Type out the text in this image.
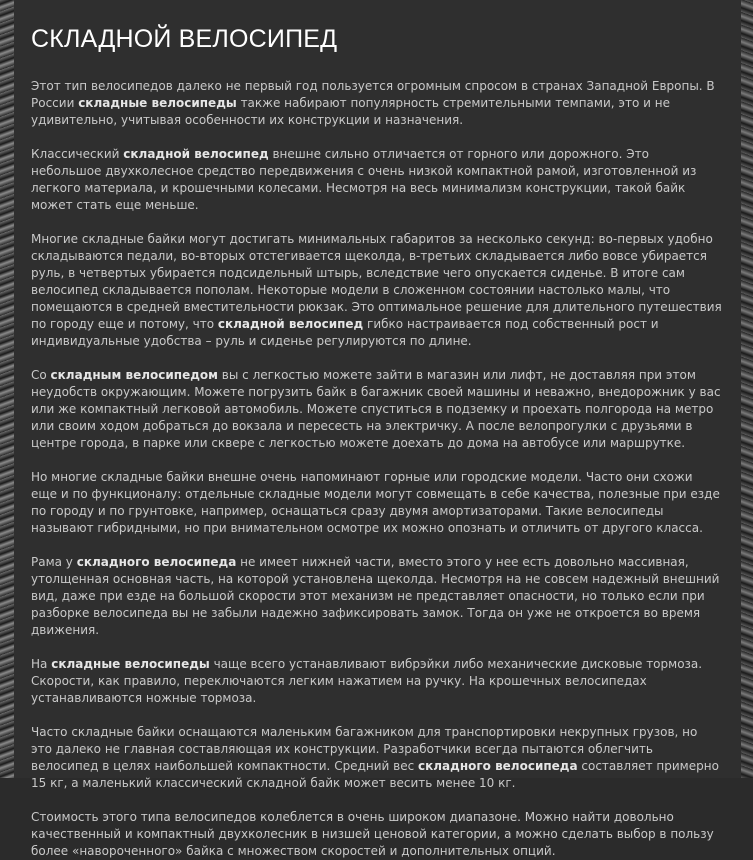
СКЛАДНОЙ ВЕЛОСИПЕД

Этот тип велосипедов далеко не первый год пользуется огромным спросом в странах Западной Европы. В России складные велосипеды также набирают популярность стремительными темпами, это и не удивительно, учитывая особенности их конструкции и назначения.

Классический складной велосипед внешне сильно отличается от горного или дорожного. Это небольшое двухколесное средство передвижения с очень низкой компактной рамой, изготовленной из легкого материала, и крошечными колесами. Несмотря на весь минимализм конструкции, такой байк может стать еще меньше.

Многие складные байки могут достигать минимальных габаритов за несколько секунд: во-первых удобно складываются педали, во-вторых отстегивается щеколда, в-третьих складывается либо вовсе убирается руль, в четвертых убирается подсидельный штырь, вследствие чего опускается сиденье. В итоге сам велосипед складывается пополам. Некоторые модели в сложенном состоянии настолько малы, что помещаются в средней вместительности рюкзак. Это оптимальное решение для длительного путешествия по городу еще и потому, что складной велосипед гибко настраивается под собственный рост и индивидуальные удобства – руль и сиденье регулируются по длине.

Со складным велосипедом вы с легкостью можете зайти в магазин или лифт, не доставляя при этом неудобств окружающим. Можете погрузить байк в багажник своей машины и неважно, внедорожник у вас или же компактный легковой автомобиль. Можете спуститься в подземку и проехать полгорода на метро или своим ходом добраться до вокзала и пересесть на электричку. А после велопрогулки с друзьями в центре города, в парке или сквере с легкостью можете доехать до дома на автобусе или маршрутке.

Но многие складные байки внешне очень напоминают горные или городские модели. Часто они схожи еще и по функционалу: отдельные складные модели могут совмещать в себе качества, полезные при езде по городу и по грунтовке, например, оснащаться сразу двумя амортизаторами. Такие велосипеды называют гибридными, но при внимательном осмотре их можно опознать и отличить от другого класса.

Рама у складного велосипеда не имеет нижней части, вместо этого у нее есть довольно массивная, утолщенная основная часть, на которой установлена щеколда. Несмотря на не совсем надежный внешний вид, даже при езде на большой скорости этот механизм не представляет опасности, но только если при разборке велосипеда вы не забыли надежно зафиксировать замок. Тогда он уже не откроется во время движения.

На складные велосипеды чаще всего устанавливают вибрэйки либо механические дисковые тормоза. Скорости, как правило, переключаются легким нажатием на ручку. На крошечных велосипедах устанавливаются ножные тормоза.

Часто складные байки оснащаются маленьким багажником для транспортировки некрупных грузов, но это далеко не главная составляющая их конструкции. Разработчики всегда пытаются облегчить велосипед в целях наибольшей компактности. Средний вес складного велосипеда составляет примерно 15 кг, а маленький классический складной байк может весить менее 10 кг.

Стоимость этого типа велосипедов колеблется в очень широком диапазоне. Можно найти довольно качественный и компактный двухколесник в низшей ценовой категории, а можно сделать выбор в пользу более «навороченного» байка с множеством скоростей и дополнительных опций.
